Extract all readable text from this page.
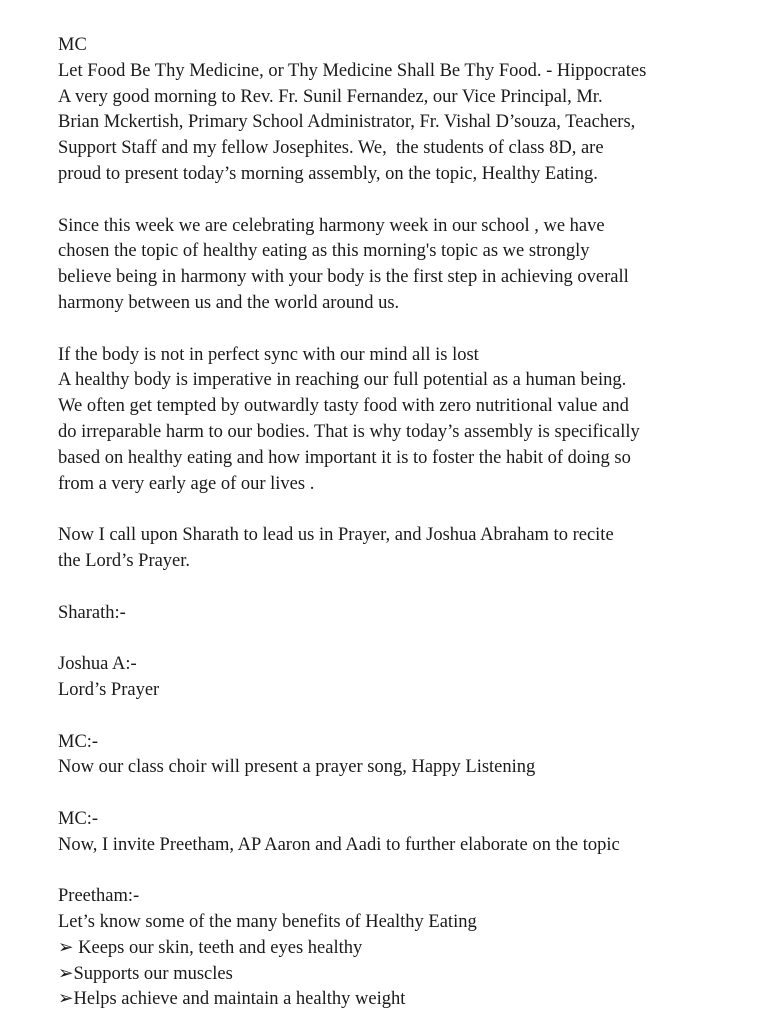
MC
Let Food Be Thy Medicine, or Thy Medicine Shall Be Thy Food. - Hippocrates
A very good morning to Rev. Fr. Sunil Fernandez, our Vice Principal, Mr.
Brian Mckertish, Primary School Administrator, Fr. Vishal D’souza, Teachers,
Support Staff and my fellow Josephites. We,  the students of class 8D, are
proud to present today’s morning assembly, on the topic, Healthy Eating.
Since this week we are celebrating harmony week in our school , we have
chosen the topic of healthy eating as this morning's topic as we strongly
believe being in harmony with your body is the first step in achieving overall
harmony between us and the world around us.
If the body is not in perfect sync with our mind all is lost
A healthy body is imperative in reaching our full potential as a human being.
We often get tempted by outwardly tasty food with zero nutritional value and
do irreparable harm to our bodies. That is why today’s assembly is specifically
based on healthy eating and how important it is to foster the habit of doing so
from a very early age of our lives .
Now I call upon Sharath to lead us in Prayer, and Joshua Abraham to recite
the Lord’s Prayer.
Sharath:-
Joshua A:-
Lord’s Prayer
MC:-
Now our class choir will present a prayer song, Happy Listening
MC:-
Now, I invite Preetham, AP Aaron and Aadi to further elaborate on the topic
Preetham:-
Let’s know some of the many benefits of Healthy Eating
➢ Keeps our skin, teeth and eyes healthy
➢Supports our muscles
➢Helps achieve and maintain a healthy weight
